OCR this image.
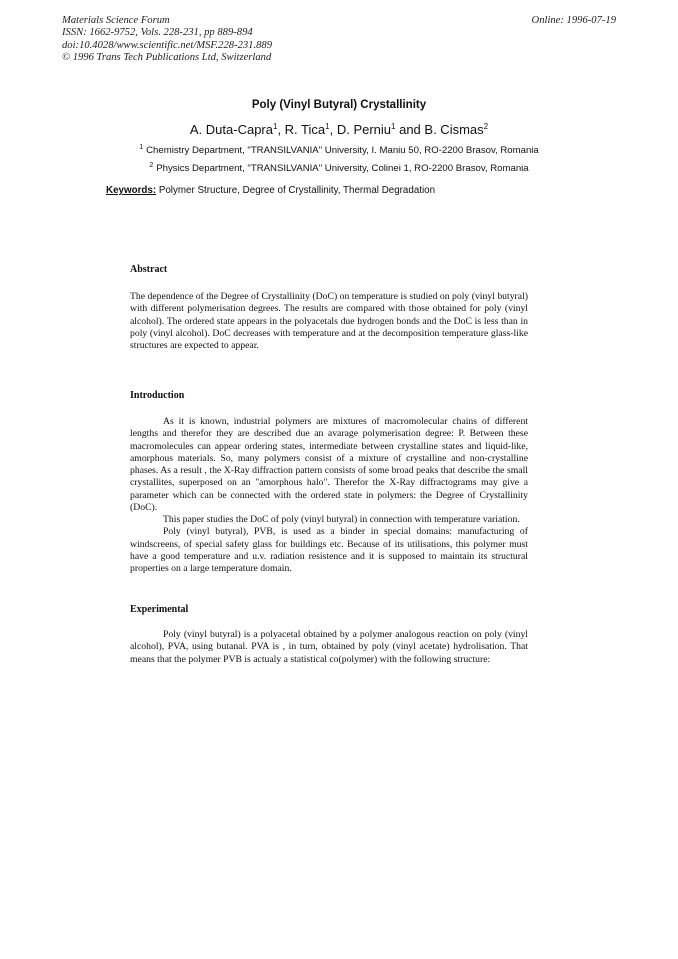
Materials Science Forum
ISSN: 1662-9752, Vols. 228-231, pp 889-894
doi:10.4028/www.scientific.net/MSF.228-231.889
© 1996 Trans Tech Publications Ltd, Switzerland
Online: 1996-07-19
Poly (Vinyl Butyral) Crystallinity
A. Duta-Capra$^1$, R. Tica$^1$, D. Perniu$^1$ and B. Cismas$^2$
$^1$ Chemistry Department, "TRANSILVANIA" University, I. Maniu 50, RO-2200 Brasov, Romania
$^2$ Physics Department, "TRANSILVANIA" University, Colinei 1, RO-2200 Brasov, Romania
Keywords: Polymer Structure, Degree of Crystallinity, Thermal Degradation
Abstract

The dependence of the Degree of Crystallinity (DoC) on temperature is studied on poly (vinyl butyral) with different polymerisation degrees. The results are compared with those obtained for poly (vinyl alcohol). The ordered state appears in the polyacetals due hydrogen bonds and the DoC is less than in poly (vinyl alcohol). DoC decreases with temperature and at the decomposition temperature glass-like structures are expected to appear.

Introduction

As it is known, industrial polymers are mixtures of macromolecular chains of different lengths and therefor they are described due an avarage polymerisation degree: P. Between these macromolecules can appear ordering states, intermediate between crystalline states and liquid-like, amorphous materials. So, many polymers consist of a mixture of crystalline and non-crystalline phases. As a result , the X-Ray diffraction pattern consists of some broad peaks that describe the small crystallites, superposed on an "amorphous halo". Therefor the X-Ray diffractograms may give a parameter which can be connected with the ordered state in polymers: the Degree of Crystallinity (DoC).

This paper studies the DoC of poly (vinyl butyral) in connection with temperature variation.

Poly (vinyl butyral), PVB, is used as a binder in special domains: manufacturing of windscreens, of special safety glass for buildings etc. Because of its utilisations, this polymer must have a good temperature and u.v. radiation resistence and it is supposed to maintain its structural properties on a large temperature domain.

Experimental

Poly (vinyl butyral) is a polyacetal obtained by a polymer analogous reaction on poly (vinyl alcohol), PVA, using butanal. PVA is , in turn, obtained by poly (vinyl acetate) hydrolisation. That means that the polymer PVB is actualy a statistical co(polymer) with the following structure:
